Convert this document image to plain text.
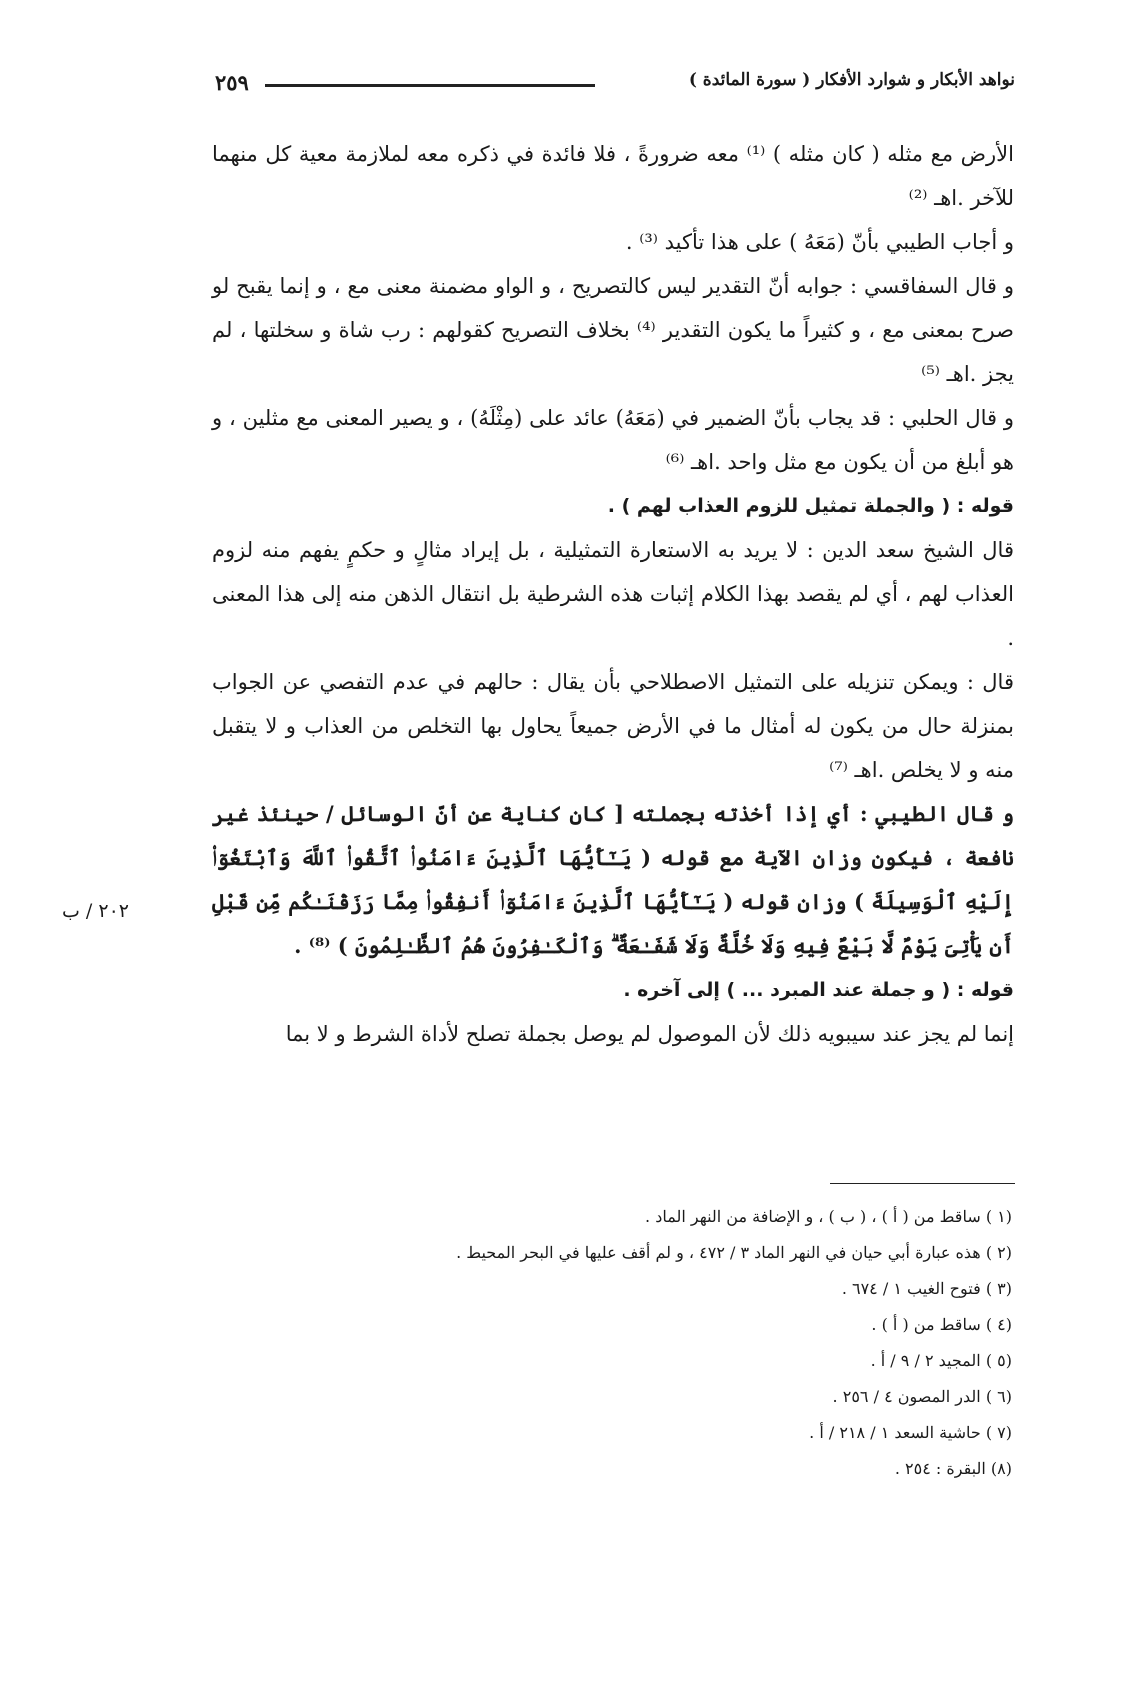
٢٥٩	نواهد الأبكار و شوارد الأفكار ( سورة المائدة )
٢٠٢ / ب

الأرض مع مثله ( كان مثله ) ⁽¹⁾ معه ضرورةً ، فلا فائدة في ذكره معه لملازمة معية كل منهما للآخر .اهـ ⁽²⁾

و أجاب الطيبي بأنّ (مَعَهُ ) على هذا تأكيد ⁽³⁾ .

و قال السفاقسي : جوابه أنّ التقدير ليس كالتصريح ، و الواو مضمنة معنى مع ، و إنما يقبح لو صرح بمعنى مع ، و كثيراً ما يكون التقدير ⁽⁴⁾ بخلاف التصريح كقولهم : رب شاة و سخلتها ، لم يجز .اهـ ⁽⁵⁾

و قال الحلبي : قد يجاب بأنّ الضمير في (مَعَهُ) عائد على (مِثْلَهُ) ، و يصير المعنى مع مثلين ، و هو أبلغ من أن يكون مع مثل واحد .اهـ ⁽⁶⁾

قوله : ( والجملة تمثيل للزوم العذاب لهم ) .

قال الشيخ سعد الدين : لا يريد به الاستعارة التمثيلية ، بل إيراد مثالٍ و حكمٍ يفهم منه لزوم العذاب لهم ، أي لم يقصد بهذا الكلام إثبات هذه الشرطية بل انتقال الذهن منه إلى هذا المعنى .

قال : ويمكن تنزيله على التمثيل الاصطلاحي بأن يقال : حالهم في عدم التفصي عن الجواب بمنزلة حال من يكون له أمثال ما في الأرض جميعاً يحاول بها التخلص من العذاب و لا يتقبل منه و لا يخلص .اهـ ⁽⁷⁾

و قال الطيبي : أي إذا أخذته بجملته [ كان كناية عن أنّ الوسائل / حينئذ غير نافعة ، فيكون وزان الآية مع قوله ( يَـٰٓأَيُّهَا ٱلَّذِينَ ءَامَنُوا۟ ٱتَّقُوا۟ ٱللَّهَ وَٱبْتَغُوٓا۟ إِلَيْهِ ٱلْوَسِيلَةَ ) وزان قوله ( يَـٰٓأَيُّهَا ٱلَّذِينَ ءَامَنُوٓا۟ أَنفِقُوا۟ مِمَّا رَزَقْنَـٰكُم مِّن قَبْلِ أَن يَأْتِىَ يَوْمٌ لَّا بَيْعٌ فِيهِ وَلَا خُلَّةٌ وَلَا شَفَـٰعَةٌ ۗ وَٱلْكَـٰفِرُونَ هُمُ ٱلظَّـٰلِمُونَ ) ⁽⁸⁾ .

قوله : ( و جملة عند المبرد ... ) إلى آخره .

إنما لم يجز عند سيبويه ذلك لأن الموصول لم يوصل بجملة تصلح لأداة الشرط و لا بما

(١ ) ساقط من ( أ ) ، ( ب ) ، و الإضافة من النهر الماد .
(٢ ) هذه عبارة أبي حيان في النهر الماد ٣ / ٤٧٢ ، و لم أقف عليها في البحر المحيط .
(٣ ) فتوح الغيب ١ / ٦٧٤ .
(٤ ) ساقط من ( أ ) .
(٥ ) المجيد ٢ / ٩ / أ .
(٦ ) الدر المصون ٤ / ٢٥٦ .
(٧ ) حاشية السعد ١ / ٢١٨ / أ .
(٨) البقرة : ٢٥٤ .
